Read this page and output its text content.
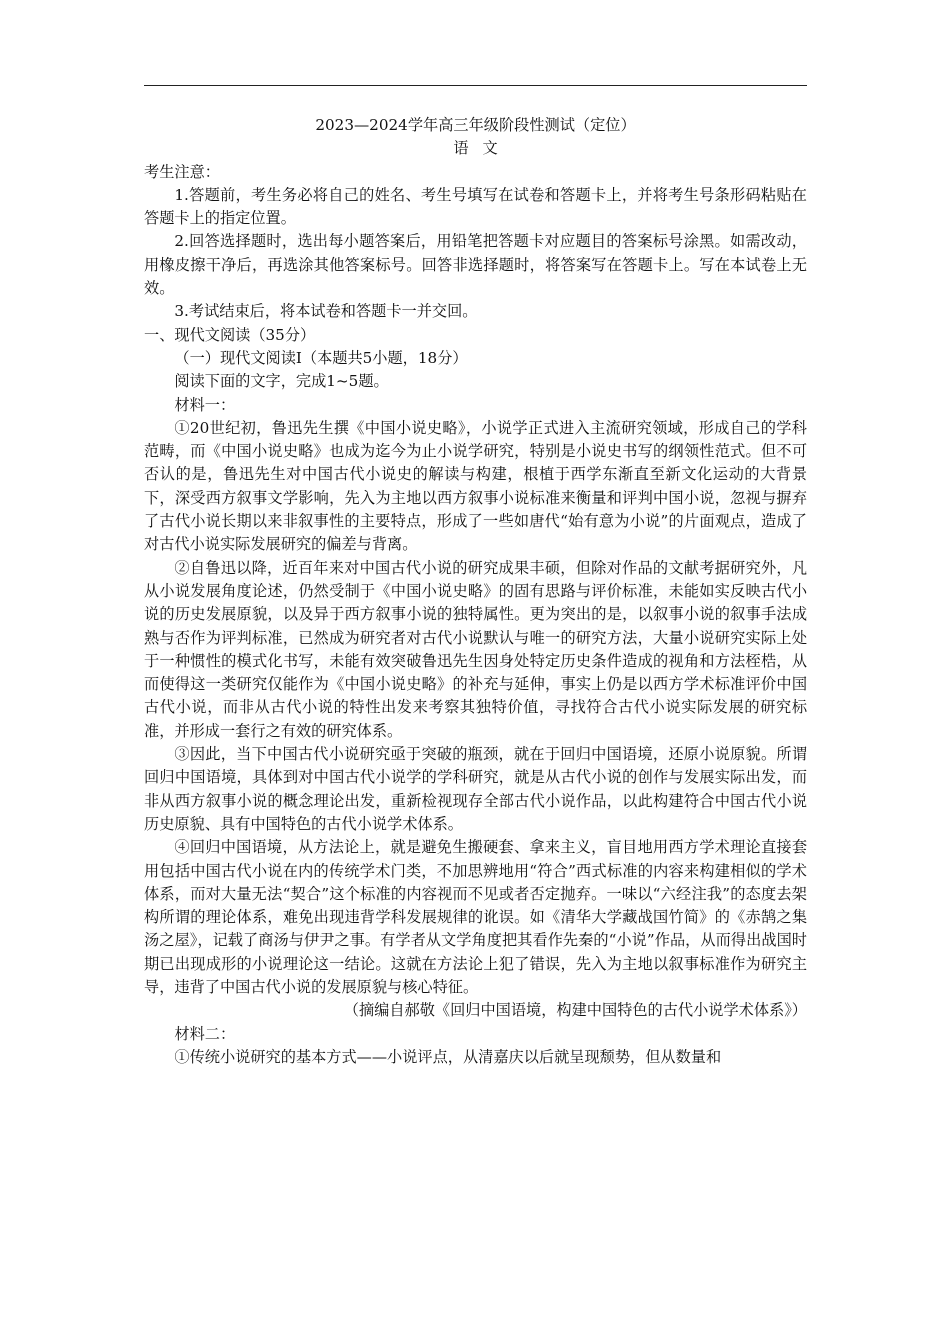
2023—2024学年高三年级阶段性测试（定位）

语文

考生注意：

1.答题前，考生务必将自己的姓名、考生号填写在试卷和答题卡上，并将考生号条形码粘贴在答题卡上的指定位置。

2.回答选择题时，选出每小题答案后，用铅笔把答题卡对应题目的答案标号涂黑。如需改动，用橡皮擦干净后，再选涂其他答案标号。回答非选择题时，将答案写在答题卡上。写在本试卷上无效。

3.考试结束后，将本试卷和答题卡一并交回。

一、现代文阅读（35分）

（一）现代文阅读Ⅰ（本题共5小题，18分）

阅读下面的文字，完成1~5题。

材料一：

①20世纪初，鲁迅先生撰《中国小说史略》，小说学正式进入主流研究领域，形成自己的学科范畴，而《中国小说史略》也成为迄今为止小说学研究，特别是小说史书写的纲领性范式。但不可否认的是，鲁迅先生对中国古代小说史的解读与构建，根植于西学东渐直至新文化运动的大背景下，深受西方叙事文学影响，先入为主地以西方叙事小说标准来衡量和评判中国小说，忽视与摒弃了古代小说长期以来非叙事性的主要特点，形成了一些如唐代“始有意为小说”的片面观点，造成了对古代小说实际发展研究的偏差与背离。

②自鲁迅以降，近百年来对中国古代小说的研究成果丰硕，但除对作品的文献考据研究外，凡从小说发展角度论述，仍然受制于《中国小说史略》的固有思路与评价标准，未能如实反映古代小说的历史发展原貌，以及异于西方叙事小说的独特属性。更为突出的是，以叙事小说的叙事手法成熟与否作为评判标准，已然成为研究者对古代小说默认与唯一的研究方法，大量小说研究实际上处于一种惯性的模式化书写，未能有效突破鲁迅先生因身处特定历史条件造成的视角和方法桎梏，从而使得这一类研究仅能作为《中国小说史略》的补充与延伸，事实上仍是以西方学术标准评价中国古代小说，而非从古代小说的特性出发来考察其独特价值，寻找符合古代小说实际发展的研究标准，并形成一套行之有效的研究体系。

③因此，当下中国古代小说研究亟于突破的瓶颈，就在于回归中国语境，还原小说原貌。所谓回归中国语境，具体到对中国古代小说学的学科研究，就是从古代小说的创作与发展实际出发，而非从西方叙事小说的概念理论出发，重新检视现存全部古代小说作品，以此构建符合中国古代小说历史原貌、具有中国特色的古代小说学术体系。

④回归中国语境，从方法论上，就是避免生搬硬套、拿来主义，盲目地用西方学术理论直接套用包括中国古代小说在内的传统学术门类，不加思辨地用“符合”西式标准的内容来构建相似的学术体系，而对大量无法“契合”这个标准的内容视而不见或者否定抛弃。一味以“六经注我”的态度去架构所谓的理论体系，难免出现违背学科发展规律的讹误。如《清华大学藏战国竹简》的《赤鹄之集汤之屋》，记载了商汤与伊尹之事。有学者从文学角度把其看作先秦的“小说”作品，从而得出战国时期已出现成形的小说理论这一结论。这就在方法论上犯了错误，先入为主地以叙事标准作为研究主导，违背了中国古代小说的发展原貌与核心特征。

（摘编自郝敬《回归中国语境，构建中国特色的古代小说学术体系》）

材料二：

①传统小说研究的基本方式——小说评点，从清嘉庆以后就呈现颓势，但从数量和
